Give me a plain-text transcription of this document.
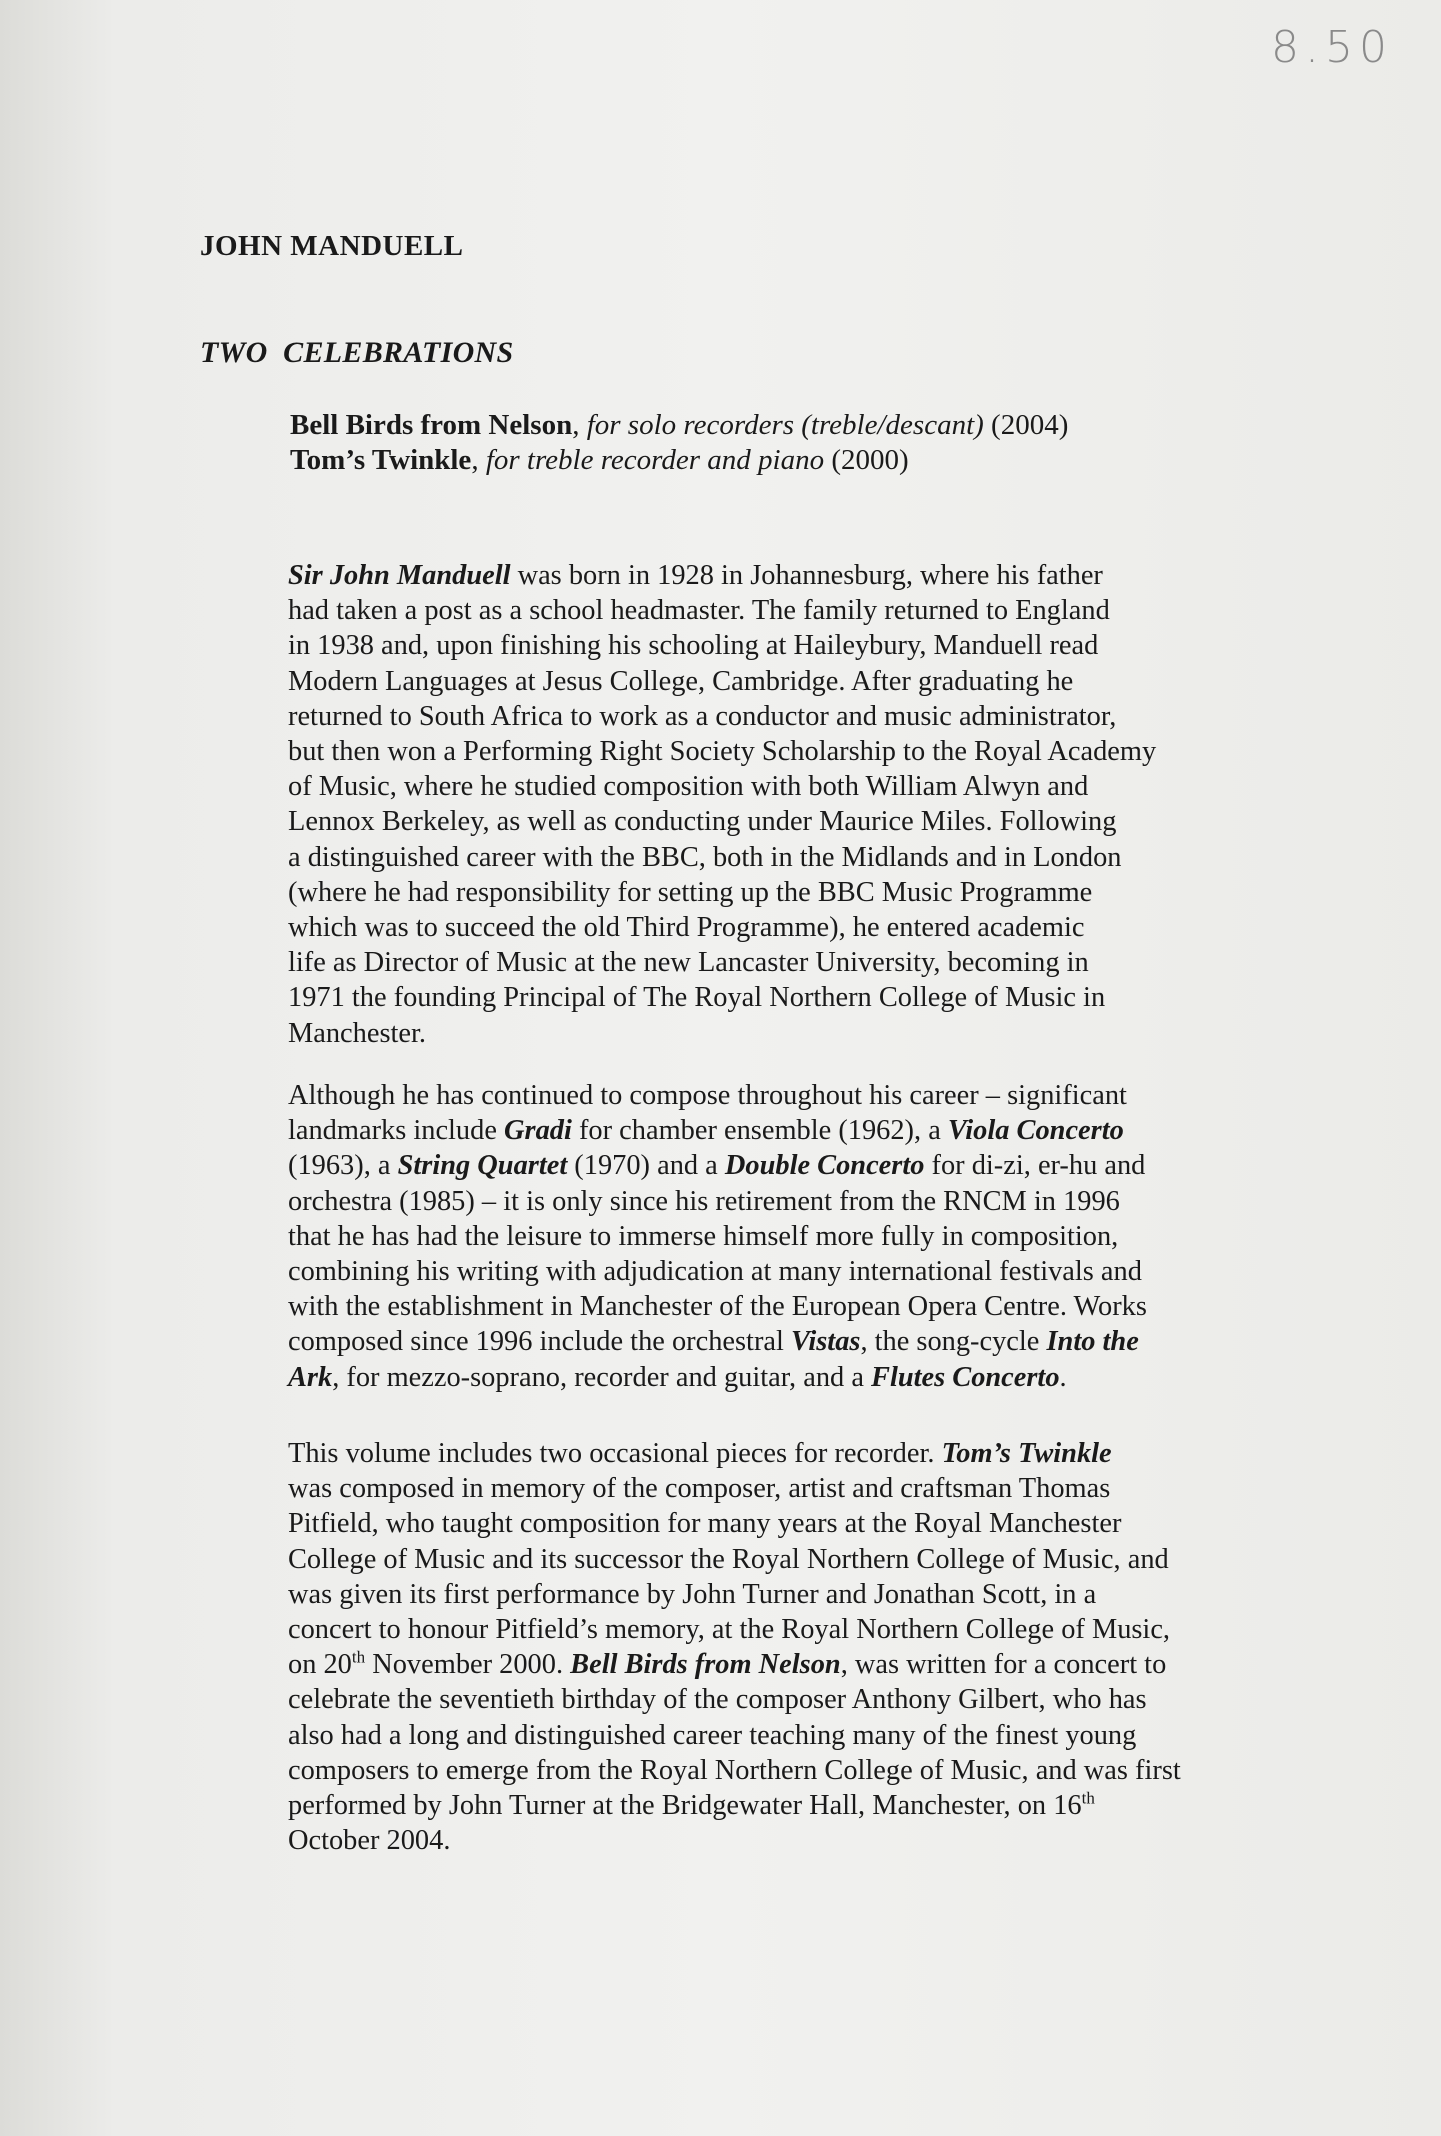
8.50
JOHN MANDUELL
TWO  CELEBRATIONS
Bell Birds from Nelson, for solo recorders (treble/descant) (2004)
Tom’s Twinkle, for treble recorder and piano (2000)
Sir John Manduell was born in 1928 in Johannesburg, where his father
had taken a post as a school headmaster. The family returned to England
in 1938 and, upon finishing his schooling at Haileybury, Manduell read
Modern Languages at Jesus College, Cambridge. After graduating he
returned to South Africa to work as a conductor and music administrator,
but then won a Performing Right Society Scholarship to the Royal Academy
of Music, where he studied composition with both William Alwyn and
Lennox Berkeley, as well as conducting under Maurice Miles. Following
a distinguished career with the BBC, both in the Midlands and in London
(where he had responsibility for setting up the BBC Music Programme
which was to succeed the old Third Programme), he entered academic
life as Director of Music at the new Lancaster University, becoming in
1971 the founding Principal of The Royal Northern College of Music in
Manchester.
Although he has continued to compose throughout his career – significant
landmarks include Gradi for chamber ensemble (1962), a Viola Concerto
(1963), a String Quartet (1970) and a Double Concerto for di-zi, er-hu and
orchestra (1985) – it is only since his retirement from the RNCM in 1996
that he has had the leisure to immerse himself more fully in composition,
combining his writing with adjudication at many international festivals and
with the establishment in Manchester of the European Opera Centre. Works
composed since 1996 include the orchestral Vistas, the song-cycle Into the
Ark, for mezzo-soprano, recorder and guitar, and a Flutes Concerto.
This volume includes two occasional pieces for recorder. Tom’s Twinkle
was composed in memory of the composer, artist and craftsman Thomas
Pitfield, who taught composition for many years at the Royal Manchester
College of Music and its successor the Royal Northern College of Music, and
was given its first performance by John Turner and Jonathan Scott, in a
concert to honour Pitfield’s memory, at the Royal Northern College of Music,
on 20th November 2000. Bell Birds from Nelson, was written for a concert to
celebrate the seventieth birthday of the composer Anthony Gilbert, who has
also had a long and distinguished career teaching many of the finest young
composers to emerge from the Royal Northern College of Music, and was first
performed by John Turner at the Bridgewater Hall, Manchester, on 16th
October 2004.
